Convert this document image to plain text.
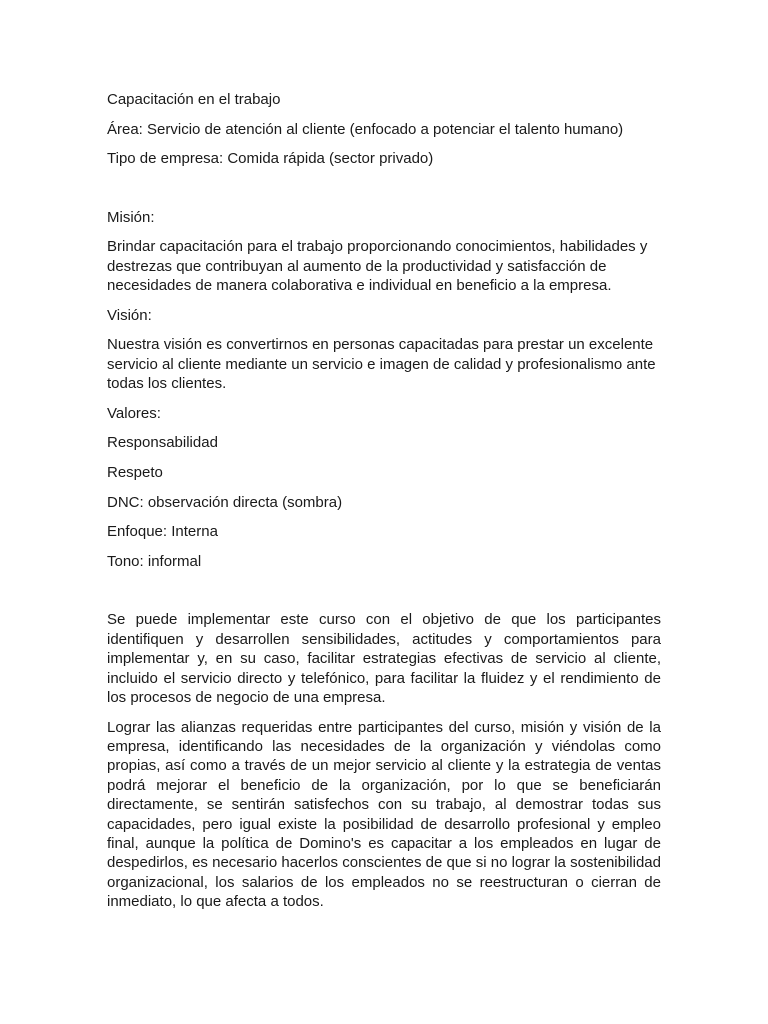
Capacitación en el trabajo

Área: Servicio de atención al cliente (enfocado a potenciar el talento humano)

Tipo de empresa: Comida rápida (sector privado)

Misión:

Brindar capacitación para el trabajo proporcionando conocimientos, habilidades y destrezas que contribuyan al aumento de la productividad y satisfacción de necesidades de manera colaborativa e individual en beneficio a la empresa.

Visión:

Nuestra visión es convertirnos en personas capacitadas para prestar un excelente servicio al cliente mediante un servicio e imagen de calidad y profesionalismo ante todas los clientes.

Valores:

Responsabilidad

Respeto

DNC: observación directa (sombra)

Enfoque: Interna

Tono: informal

Se puede implementar este curso con el objetivo de que los participantes identifiquen y desarrollen sensibilidades, actitudes y comportamientos para implementar y, en su caso, facilitar estrategias efectivas de servicio al cliente, incluido el servicio directo y telefónico, para facilitar la fluidez y el rendimiento de los procesos de negocio de una empresa.

Lograr las alianzas requeridas entre participantes del curso, misión y visión de la empresa, identificando las necesidades de la organización y viéndolas como propias, así como a través de un mejor servicio al cliente y la estrategia de ventas podrá mejorar el beneficio de la organización, por lo que se beneficiarán directamente, se sentirán satisfechos con su trabajo, al demostrar todas sus capacidades, pero igual existe la posibilidad de desarrollo profesional y empleo final, aunque la política de Domino's es capacitar a los empleados en lugar de despedirlos, es necesario hacerlos conscientes de que si no lograr la sostenibilidad organizacional, los salarios de los empleados no se reestructuran o cierran de inmediato, lo que afecta a todos.
